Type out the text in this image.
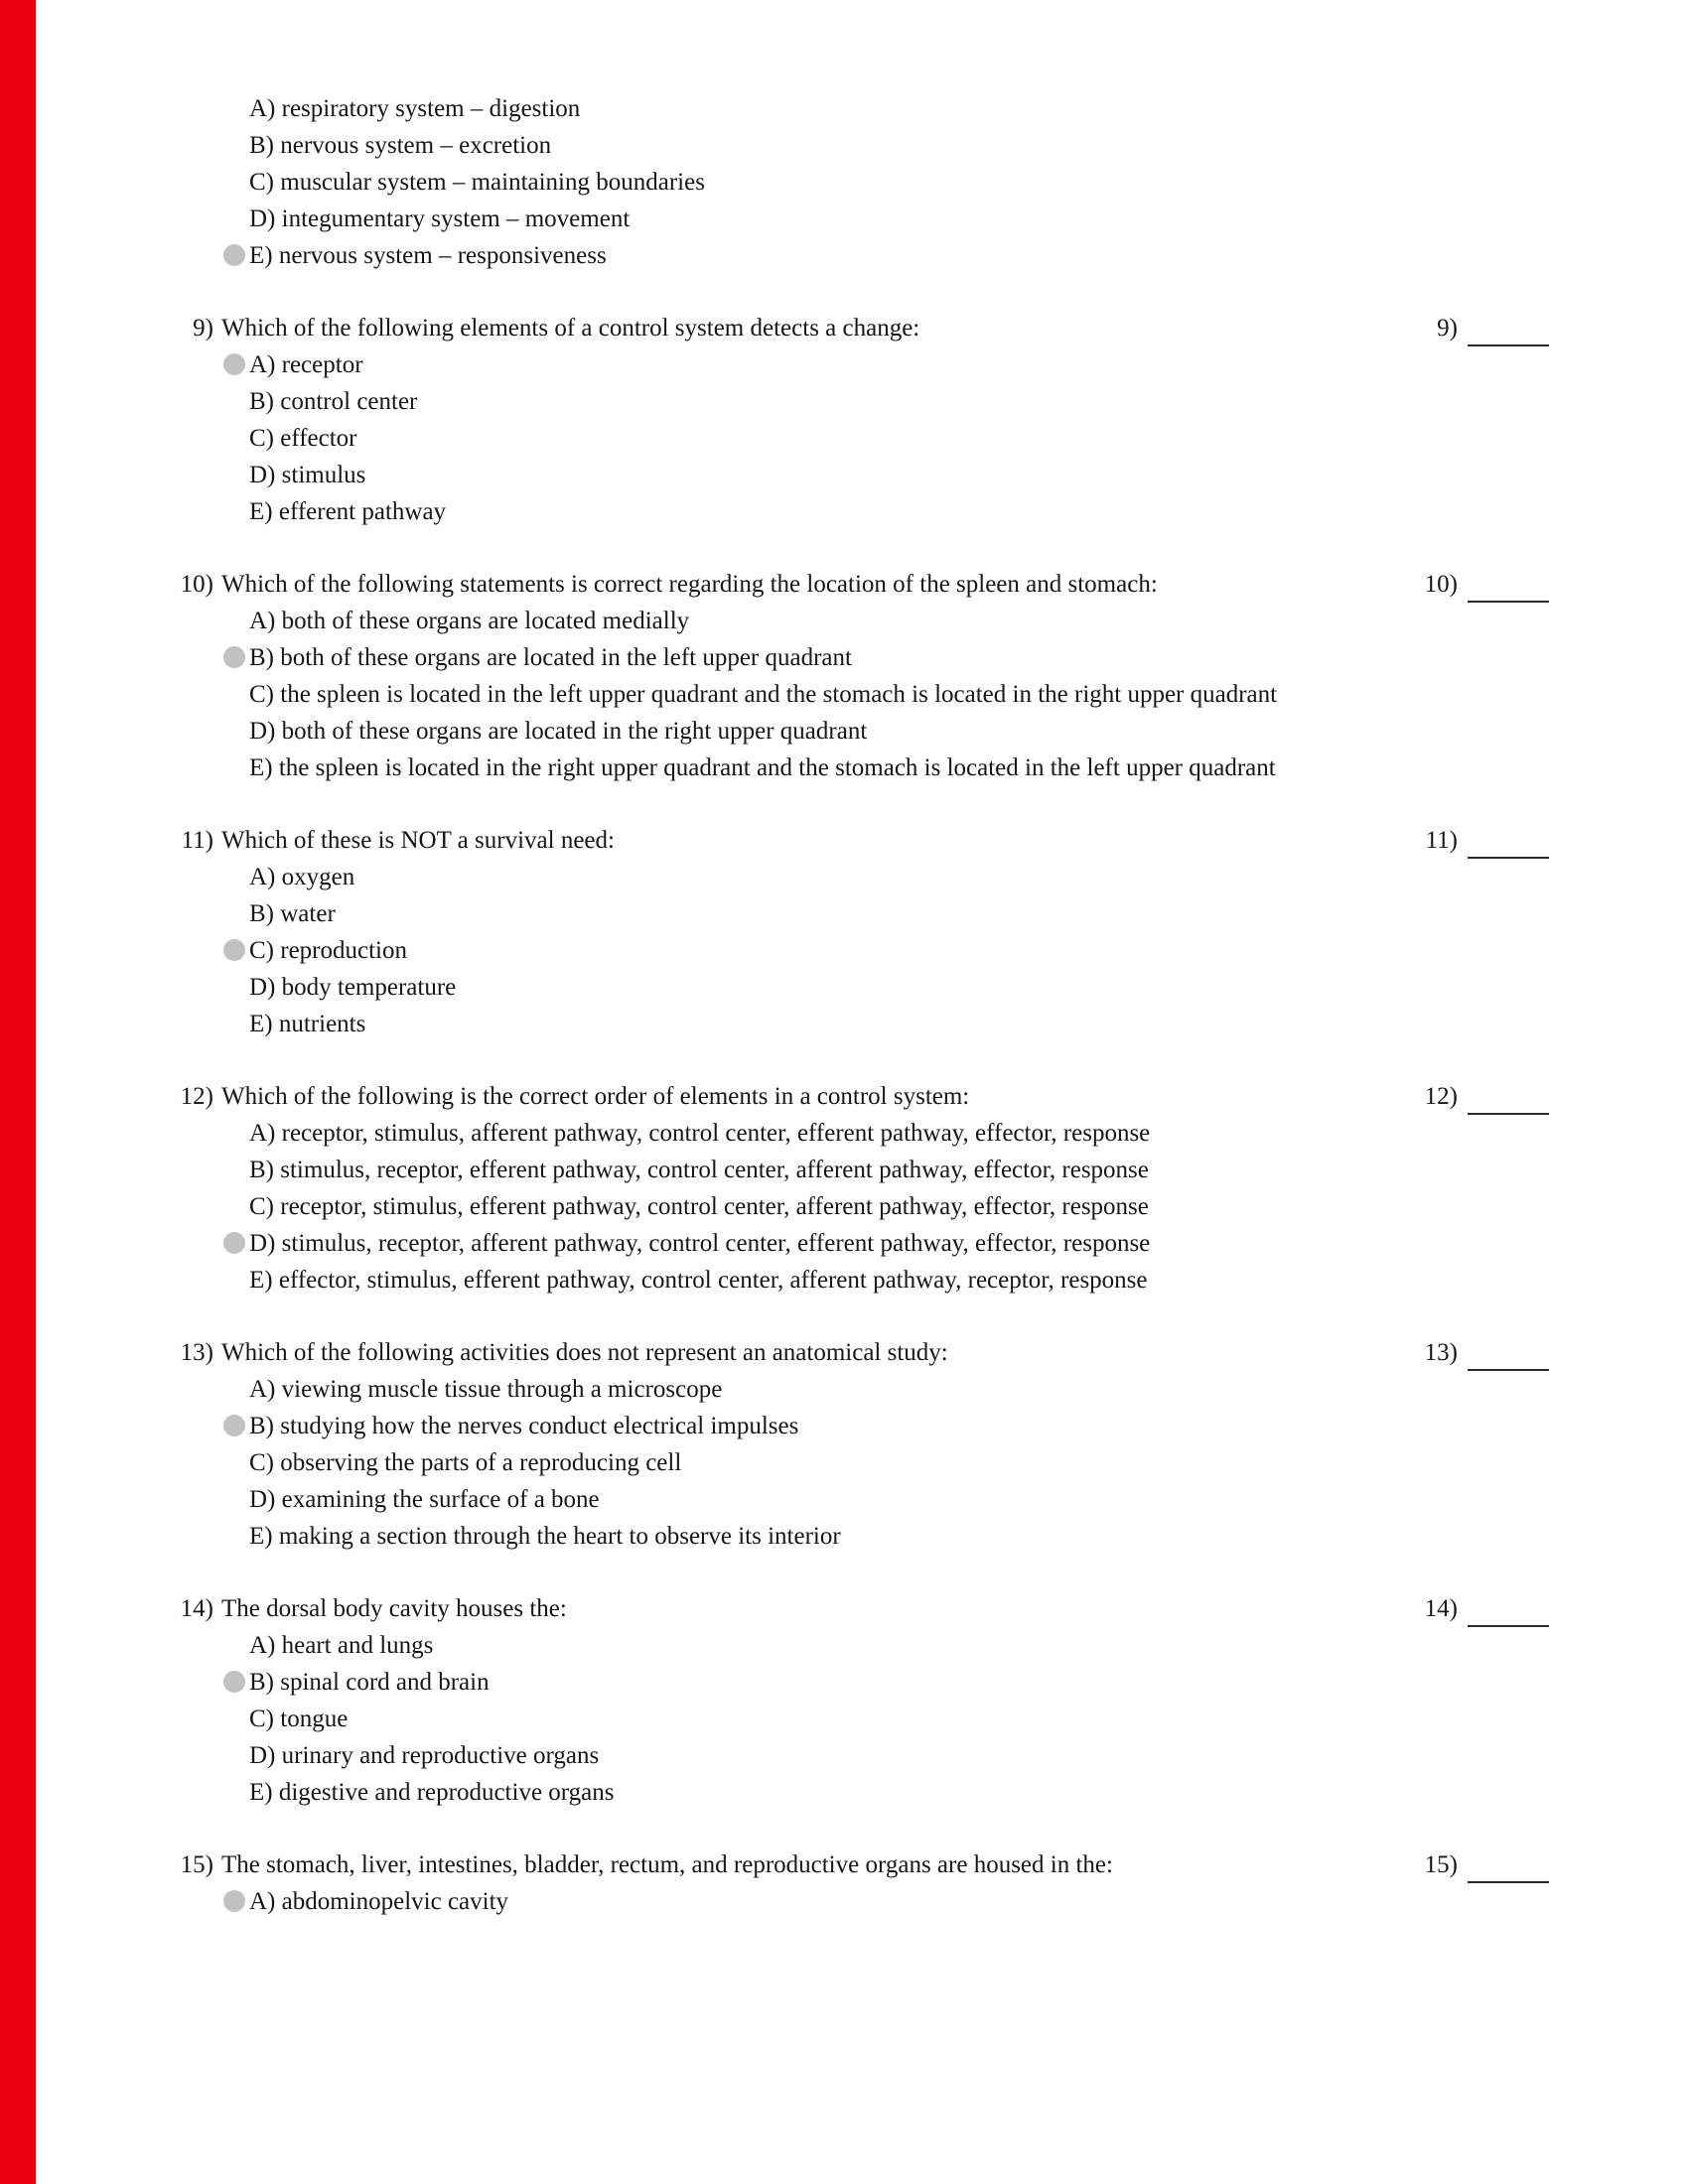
A) respiratory system – digestion
B) nervous system – excretion
C) muscular system – maintaining boundaries
D) integumentary system – movement
E) nervous system – responsiveness
9) Which of the following elements of a control system detects a change:	9)
A) receptor
B) control center
C) effector
D) stimulus
E) efferent pathway
10) Which of the following statements is correct regarding the location of the spleen and stomach:	10)
A) both of these organs are located medially
B) both of these organs are located in the left upper quadrant
C) the spleen is located in the left upper quadrant and the stomach is located in the right upper quadrant
D) both of these organs are located in the right upper quadrant
E) the spleen is located in the right upper quadrant and the stomach is located in the left upper quadrant
11) Which of these is NOT a survival need:	11)
A) oxygen
B) water
C) reproduction
D) body temperature
E) nutrients
12) Which of the following is the correct order of elements in a control system:	12)
A) receptor, stimulus, afferent pathway, control center, efferent pathway, effector, response
B) stimulus, receptor, efferent pathway, control center, afferent pathway, effector, response
C) receptor, stimulus, efferent pathway, control center, afferent pathway, effector, response
D) stimulus, receptor, afferent pathway, control center, efferent pathway, effector, response
E) effector, stimulus, efferent pathway, control center, afferent pathway, receptor, response
13) Which of the following activities does not represent an anatomical study:	13)
A) viewing muscle tissue through a microscope
B) studying how the nerves conduct electrical impulses
C) observing the parts of a reproducing cell
D) examining the surface of a bone
E) making a section through the heart to observe its interior
14) The dorsal body cavity houses the:	14)
A) heart and lungs
B) spinal cord and brain
C) tongue
D) urinary and reproductive organs
E) digestive and reproductive organs
15) The stomach, liver, intestines, bladder, rectum, and reproductive organs are housed in the:	15)
A) abdominopelvic cavity
